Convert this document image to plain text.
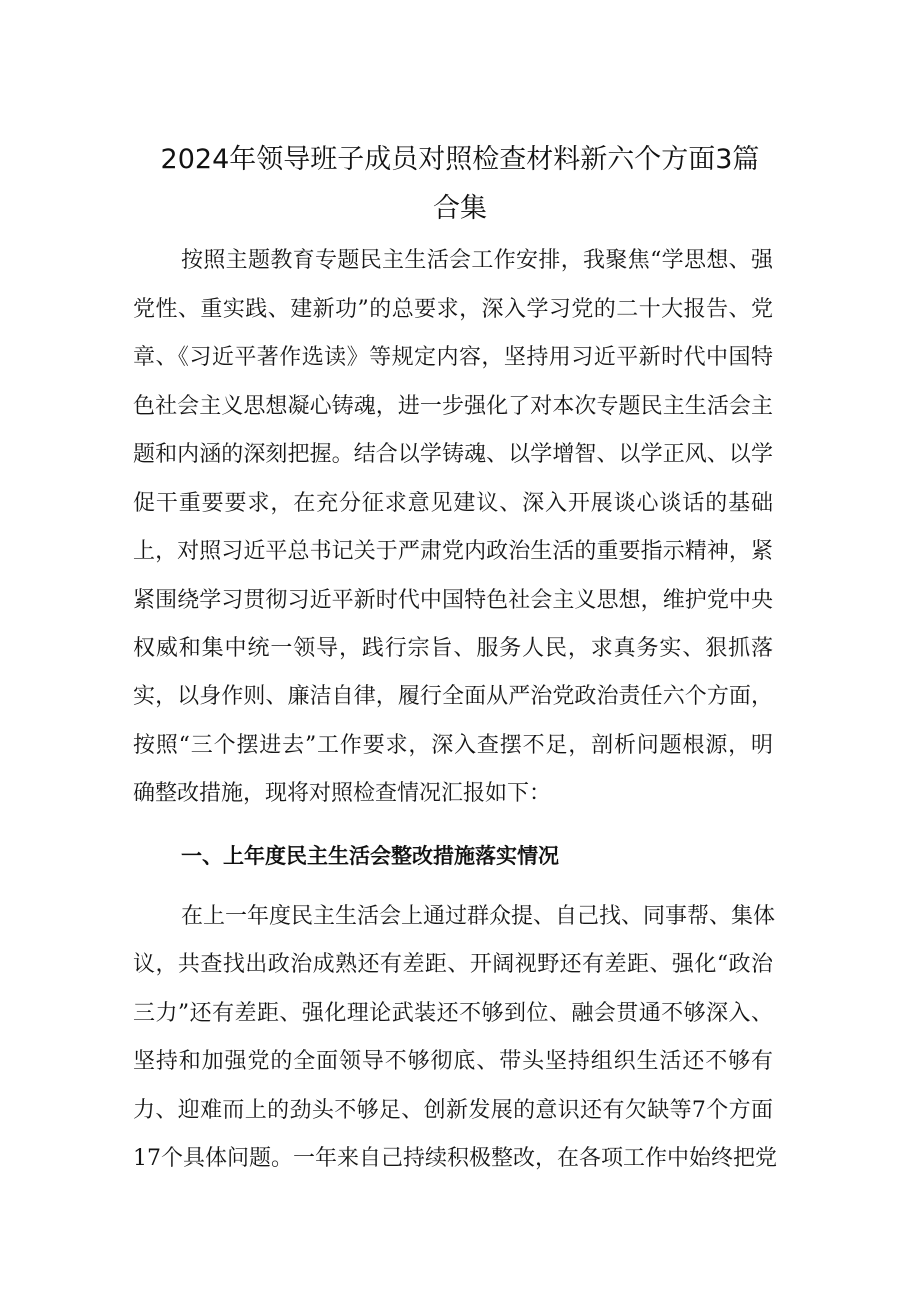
2024年领导班子成员对照检查材料新六个方面3篇
合集
按照主题教育专题民主生活会工作安排，我聚焦“学思想、强
党性、重实践、建新功”的总要求，深入学习党的二十大报告、党
章、《习近平著作选读》等规定内容，坚持用习近平新时代中国特
色社会主义思想凝心铸魂，进一步强化了对本次专题民主生活会主
题和内涵的深刻把握。结合以学铸魂、以学增智、以学正风、以学
促干重要要求，在充分征求意见建议、深入开展谈心谈话的基础
上，对照习近平总书记关于严肃党内政治生活的重要指示精神，紧
紧围绕学习贯彻习近平新时代中国特色社会主义思想，维护党中央
权威和集中统一领导，践行宗旨、服务人民，求真务实、狠抓落
实，以身作则、廉洁自律，履行全面从严治党政治责任六个方面，
按照“三个摆进去”工作要求，深入查摆不足，剖析问题根源，明
确整改措施，现将对照检查情况汇报如下：
一、上年度民主生活会整改措施落实情况
在上一年度民主生活会上通过群众提、自己找、同事帮、集体
议，共查找出政治成熟还有差距、开阔视野还有差距、强化“政治
三力”还有差距、强化理论武装还不够到位、融会贯通不够深入、
坚持和加强党的全面领导不够彻底、带头坚持组织生活还不够有
力、迎难而上的劲头不够足、创新发展的意识还有欠缺等7个方面
17个具体问题。一年来自己持续积极整改，在各项工作中始终把党
